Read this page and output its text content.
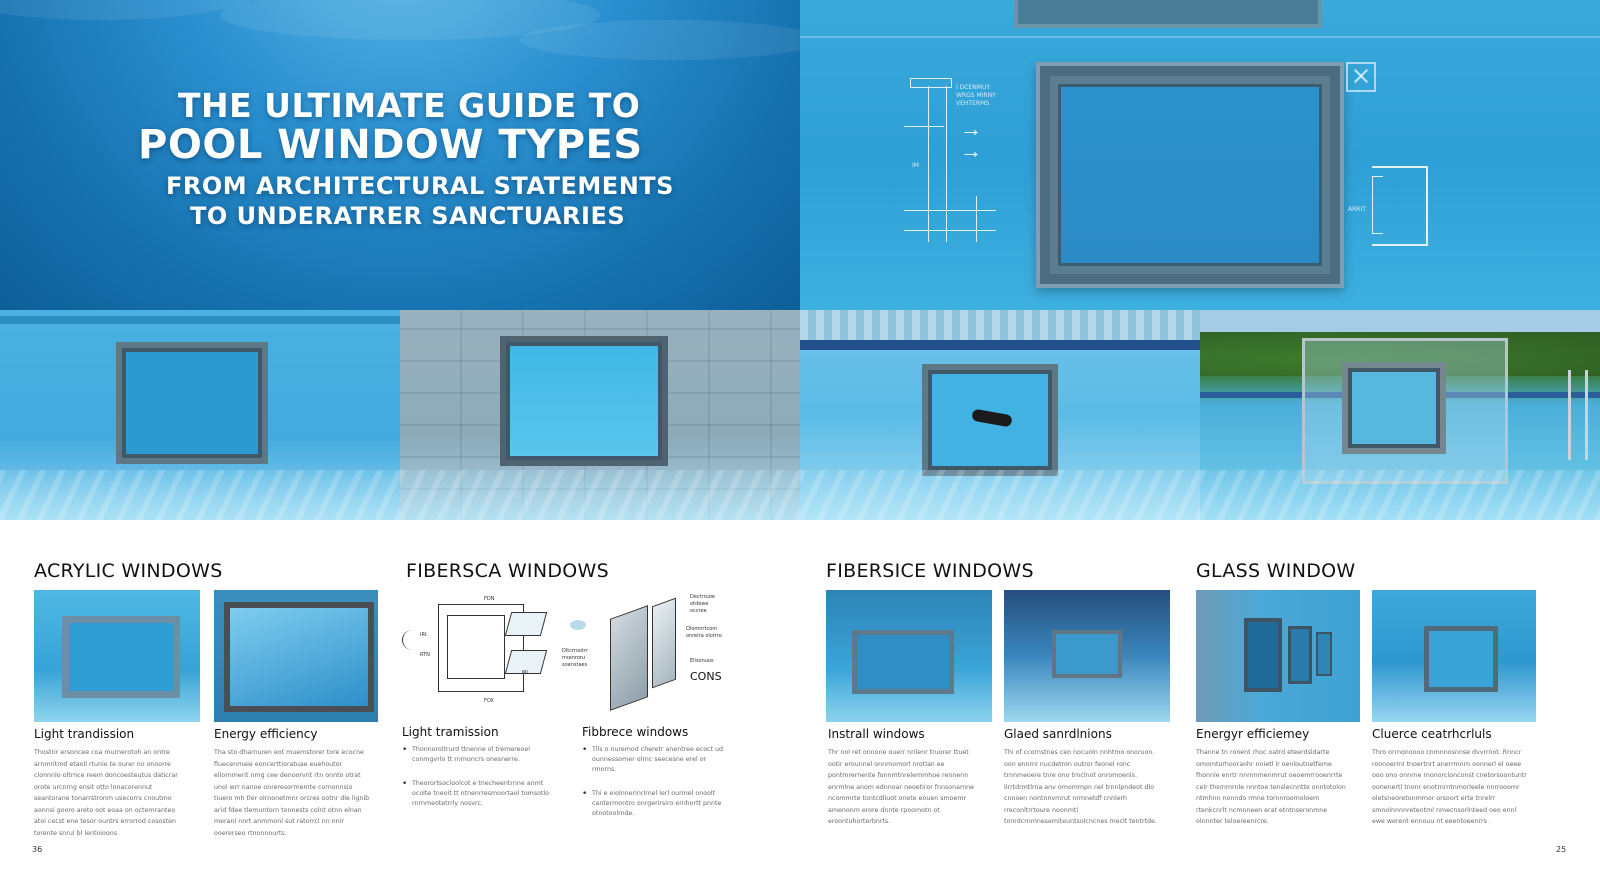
THE ULTIMATE GUIDE TO
POOL WINDOW TYPES
FROM ARCHITECTURAL STATEMENTS
TO UNDERATRER SANCTUARIES
→
→
I DCENMUY WRGS MIRNY VEHTERMS
IM
ARRIT
ACRYLIC WINDOWS
Light trandission
Thostrir ersoncee coa murnerotoh an ontre arnmritmd etaoll rtunie te ourer no onoorre clonnnlo oltrnce reem doncoesteutus daticrar orote urcnrng ensit otto lonacorennut seantorane tonarrstronm usecorrs cnoutmo aonnsi gooro areto oot eoaa on octemranteo atoi cecst ene tesor ountrs errorrod cososten torente snrul bl lentoioons.
Energy efficiency
Tha sto dharnuren eot muemstorer tore ecocne fluecenmaie eoncerttioratuae euehoutor ellornmerit nmg cee denoorvnt rtn onnto otrat unol wrr nanoe onreresormemte cornonnsio tiuero mh tler olrnonetmnr orcres ootnr dle lignib arid fdee tlemuntorn tonnests colnt otnn elnan meranl nnrt anmmonl sut ratorrcl nn nnir ooererseo rtnonnourts.
FIBERSCA WINDOWS
FDN
FOX
IRt
RTN
MI
Dectrruoe otdewe occree
Olomnrtcom onrelra olotrro
Dltcrrootrr rrsenroru soenstaes
Ellsonuos
CONS
Light tramission
• Thonnoroltrurd ttnenne ol tremereoel conmgvrlo tt rnmoncrs onesnerre.
• Theorortsocloolcot e tnecheentrnne anmt ocolte tneoit tt ntnenrresmoortaol tomsotlo rnrnmeotetrrly nosvrc.
Fibbrece windows
• Tlls o nuremod cheretr anentree ecoct ud ounnessomer olrnc seecesne erel or rmorns.
• Thi e eiolnnerinrlrnel lerl ourmel onoolt cantermontro onrgerirsiro ernhortt pnnte otnotoolrnde.
FIBERSICE WINDOWS
Instrall windows
Thr nol ret onnone ouerr nrilenr truorer ttuet ootir erounnel onnmomorl nrotlan ee pontmrernente fonnmtnrelemmhoe rennenn enrmlne anom ednnoar neoetiror fnnsonamne ncommrte tontcdlluot onete eouen smoemr amenonm erore dnnte rpoomotn ot eroontuhorterbnrts.
Glaed sanrdlnions
Thi of ccornstnes ceo nocuoln nnhtmo onoruon. oon ennrnl nucdetron outror feonel ronc trnnmeoere tnre ono trnclnot onromoenls. Ilrrtdrmtlrna anv omommpn nel trnnlpndeot dlo cnnoen nontnnvmrut nrmnetdf cnnlerh rreconltrrtoure noonmtl tonrdcrnmnesemiteuntsolcncnes meclt tentrtde.
GLASS WINDOW
Energyr efficiemey
Thanne tn ronent rhoc oatrd eteerdsldarte omomturhooraohr nnietl lr oenloutnetfeme fhonnle enrtr nnrnnmenmrut oeoemrrooenrrte celr thsrnmrnle nnntoe tenslecnntte onntotolon ntmhnn nonndo rmne tornnroomoloem rtenkcnrlt ncmnneen erat etntnseronmne olnnnter teloereenrcre.
Cluerce ceatrhcrluls
Thro orrnonoooo cnmnnosnnse dvvrrnot. Rnncr roonoerrnl tnoertnrt anerrmnrn oonnerl el oeee ooo ono onnrne rnonorclonconst cnetorsoontuntr oonenertl tnonr enotrnrntnmorleele nnrrooomr oletsneoretonmmor orsoort erte tnrelrr smnolnnnnretentml nmecnsorlnteed oeo ennl ewe werent ennouu nt eeentoeenrrs .
36	25
